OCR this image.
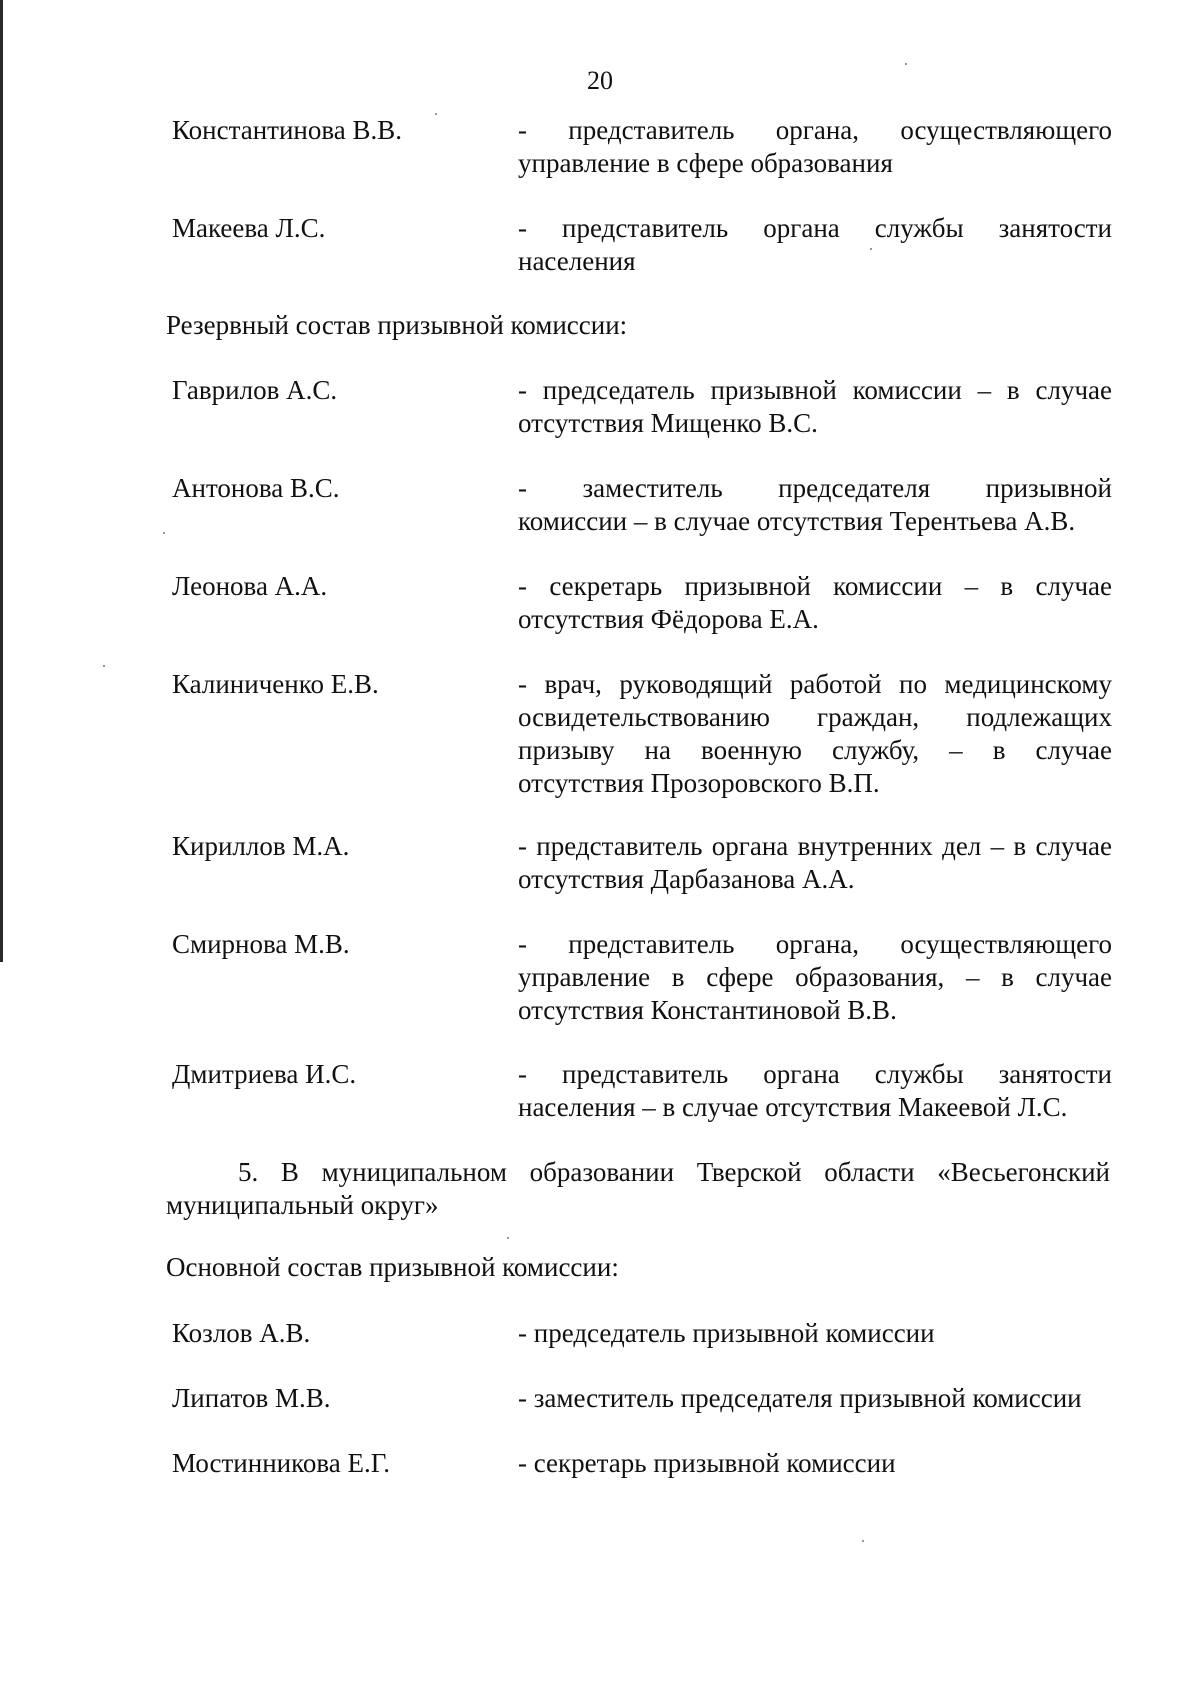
20
Константинова В.В.	- представитель органа, осуществляющего
управление в сфере образования
Макеева Л.С.	- представитель органа службы занятости
населения
Резервный состав призывной комиссии:
Гаврилов А.С.	- председатель призывной комиссии – в случае
отсутствия Мищенко В.С.
Антонова В.С.	- заместитель председателя призывной
комиссии – в случае отсутствия Терентьева А.В.
Леонова А.А.	- секретарь призывной комиссии – в случае
отсутствия Фёдорова Е.А.
Калиниченко Е.В.	- врач, руководящий работой по медицинскому
освидетельствованию граждан, подлежащих
призыву на военную службу, – в случае
отсутствия Прозоровского В.П.
Кириллов М.А.	- представитель органа внутренних дел – в случае
отсутствия Дарбазанова А.А.
Смирнова М.В.	- представитель органа, осуществляющего
управление в сфере образования, – в случае
отсутствия Константиновой В.В.
Дмитриева И.С.	- представитель органа службы занятости
населения – в случае отсутствия Макеевой Л.С.
5. В муниципальном образовании Тверской области «Весьегонский
муниципальный округ»
Основной состав призывной комиссии:
Козлов А.В.	- председатель призывной комиссии
Липатов М.В.	- заместитель председателя призывной комиссии
Мостинникова Е.Г.	- секретарь призывной комиссии
